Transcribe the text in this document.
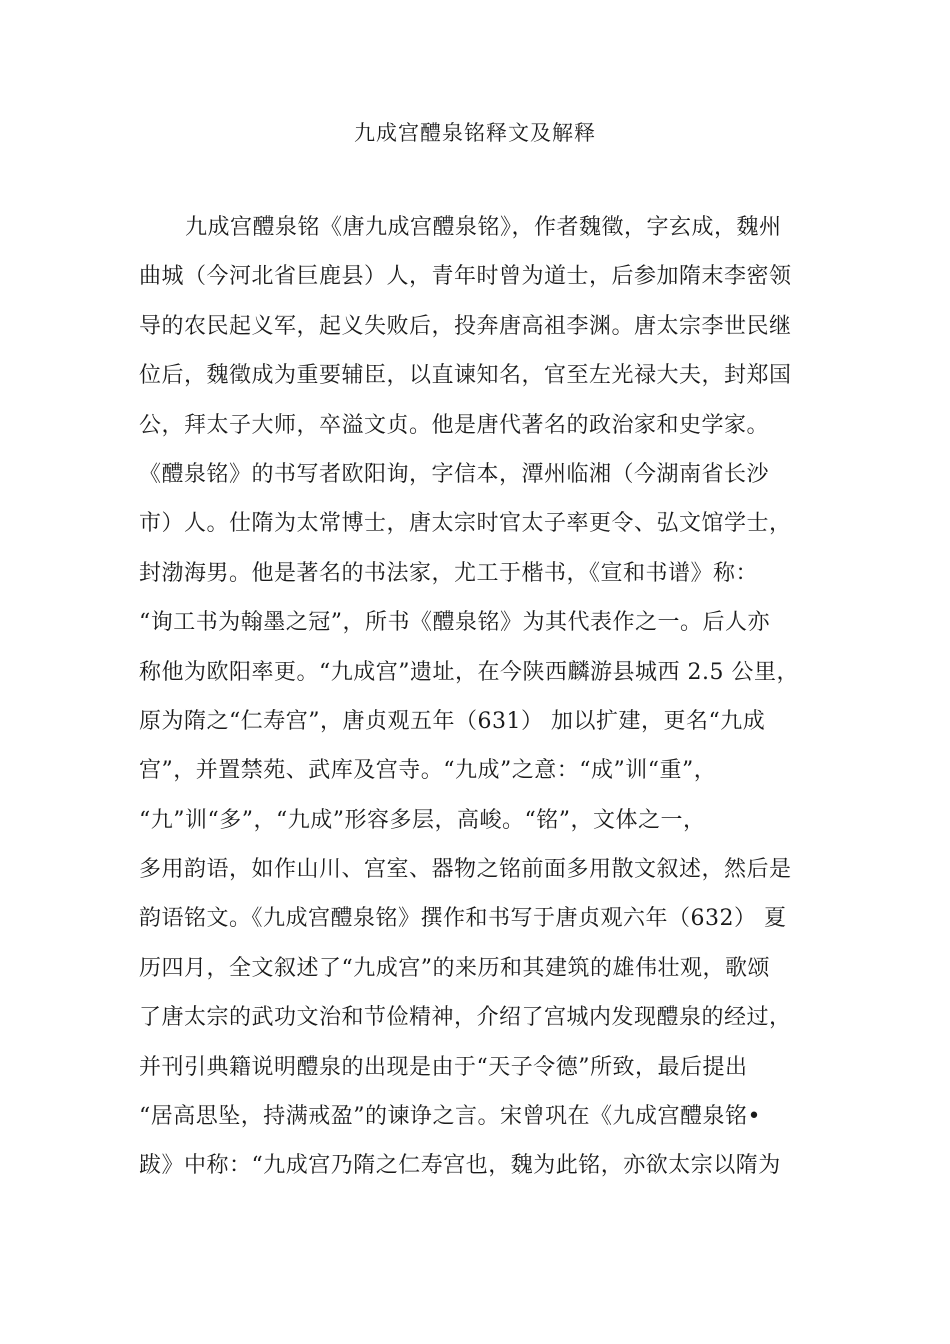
九成宫醴泉铭释文及解释
九成宫醴泉铭《唐九成宫醴泉铭》，作者魏徵，字玄成，魏州
曲城（今河北省巨鹿县）人，青年时曾为道士，后参加隋末李密领
导的农民起义军，起义失败后，投奔唐高祖李渊。唐太宗李世民继
位后，魏徵成为重要辅臣，以直谏知名，官至左光禄大夫，封郑国
公，拜太子大师，卒溢文贞。他是唐代著名的政治家和史学家。
《醴泉铭》的书写者欧阳询，字信本，潭州临湘（今湖南省长沙
市）人。仕隋为太常博士，唐太宗时官太子率更令、弘文馆学士，
封渤海男。他是著名的书法家，尤工于楷书，《宣和书谱》称：
“询工书为翰墨之冠”，所书《醴泉铭》为其代表作之一。后人亦
称他为欧阳率更。“九成宫”遗址，在今陕西麟游县城西 2.5 公里，
原为隋之“仁寿宫”，唐贞观五年（631） 加以扩建，更名“九成
宫”，并置禁苑、武库及宫寺。“九成”之意：“成”训“重”，
“九”训“多”，“九成”形容多层，高峻。“铭”，文体之一，
多用韵语，如作山川、宫室、器物之铭前面多用散文叙述，然后是
韵语铭文。《九成宫醴泉铭》撰作和书写于唐贞观六年（632） 夏
历四月，全文叙述了“九成宫”的来历和其建筑的雄伟壮观，歌颂
了唐太宗的武功文治和节俭精神，介绍了宫城内发现醴泉的经过，
并刊引典籍说明醴泉的出现是由于“天子令德”所致，最后提出
“居高思坠，持满戒盈”的谏诤之言。宋曾巩在《九成宫醴泉铭•
跋》中称：“九成宫乃隋之仁寿宫也，魏为此铭，亦欲太宗以隋为
